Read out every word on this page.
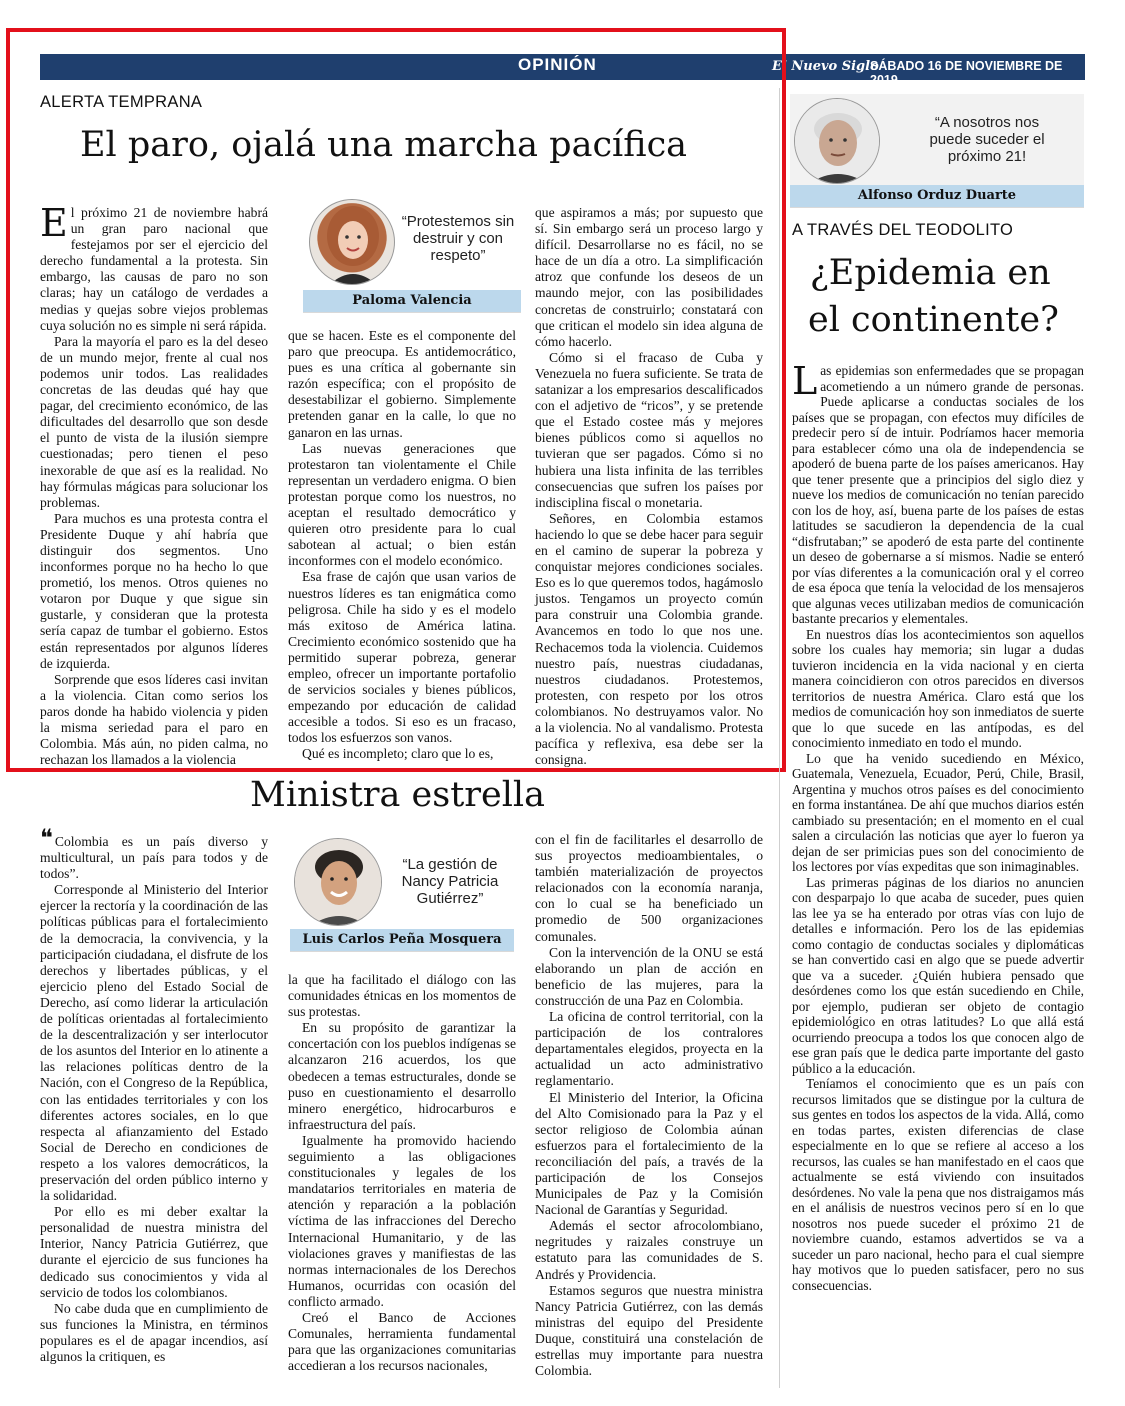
OPINIÓN	El Nuevo Siglo
SÁBADO 16 DE NOVIEMBRE DE 2019
9A
ALERTA TEMPRANA
El paro, ojalá una marcha pacífica

El próximo 21 de noviembre habrá un gran paro nacional que festejamos por ser el ejercicio del derecho fundamental a la protesta. Sin embargo, las causas de paro no son claras; hay un catálogo de verdades a medias y quejas sobre viejos problemas cuya solución no es simple ni será rápida.

Para la mayoría el paro es la del deseo de un mundo mejor, frente al cual nos podemos unir todos. Las realidades concretas de las deudas qué hay que pagar, del crecimiento económico, de las dificultades del desarrollo que son desde el punto de vista de la ilusión siempre cuestionadas; pero tienen el peso inexorable de que así es la realidad. No hay fórmulas mágicas para solucionar los problemas.

Para muchos es una protesta contra el Presidente Duque y ahí habría que distinguir dos segmentos. Uno inconformes porque no ha hecho lo que prometió, los menos. Otros quienes no votaron por Duque y que sigue sin gustarle, y consideran que la protesta sería capaz de tumbar el gobierno. Estos están representados por algunos líderes de izquierda.

Sorprende que esos líderes casi invitan a la violencia. Citan como serios los paros donde ha habido violencia y piden la misma seriedad para el paro en Colombia. Más aún, no piden calma, no rechazan los llamados a la violencia

“Protestemos sin destruir y con respeto”
Paloma Valencia

que se hacen. Este es el componente del paro que preocupa. Es antidemocrático, pues es una crítica al gobernante sin razón específica; con el propósito de desestabilizar el gobierno. Simplemente pretenden ganar en la calle, lo que no ganaron en las urnas.

Las nuevas generaciones que protestaron tan violentamente el Chile representan un verdadero enigma. O bien protestan porque como los nuestros, no aceptan el resultado democrático y quieren otro presidente para lo cual sabotean al actual; o bien están inconformes con el modelo económico.

Esa frase de cajón que usan varios de nuestros líderes es tan enigmática como peligrosa. Chile ha sido y es el modelo más exitoso de América latina. Crecimiento económico sostenido que ha permitido superar pobreza, generar empleo, ofrecer un importante portafolio de servicios sociales y bienes públicos, empezando por educación de calidad accesible a todos. Si eso es un fracaso, todos los esfuerzos son vanos.

Qué es incompleto; claro que lo es,

que aspiramos a más; por supuesto que sí. Sin embargo será un proceso largo y difícil. Desarrollarse no es fácil, no se hace de un día a otro. La simplificación atroz que confunde los deseos de un maundo mejor, con las posibilidades concretas de construirlo; constatará con que critican el modelo sin idea alguna de cómo hacerlo.

Cómo si el fracaso de Cuba y Venezuela no fuera suficiente. Se trata de satanizar a los empresarios descalificados con el adjetivo de “ricos”, y se pretende que el Estado costee más y mejores bienes públicos como si aquellos no tuvieran que ser pagados. Cómo si no hubiera una lista infinita de las terribles consecuencias que sufren los países por indisciplina fiscal o monetaria.

Señores, en Colombia estamos haciendo lo que se debe hacer para seguir en el camino de superar la pobreza y conquistar mejores condiciones sociales. Eso es lo que queremos todos, hagámoslo justos. Tengamos un proyecto común para construir una Colombia grande. Avancemos en todo lo que nos une. Rechacemos toda la violencia. Cuidemos nuestro país, nuestras ciudadanas, nuestros ciudadanos. Protestemos, protesten, con respeto por los otros colombianos. No destruyamos valor. No a la violencia. No al vandalismo. Protesta pacífica y reflexiva, esa debe ser la consigna.

Ministra estrella

❝ Colombia es un país diverso y multicultural, un país para todos y de todos”.

Corresponde al Ministerio del Interior ejercer la rectoría y la coordinación de las políticas públicas para el fortalecimiento de la democracia, la convivencia, y la participación ciudadana, el disfrute de los derechos y libertades públicas, y el ejercicio pleno del Estado Social de Derecho, así como liderar la articulación de políticas orientadas al fortalecimiento de la descentralización y ser interlocutor de los asuntos del Interior en lo atinente a las relaciones políticas dentro de la Nación, con el Congreso de la República, con las entidades territoriales y con los diferentes actores sociales, en lo que respecta al afianzamiento del Estado Social de Derecho en condiciones de respeto a los valores democráticos, la preservación del orden público interno y la solidaridad.

Por ello es mi deber exaltar la personalidad de nuestra ministra del Interior, Nancy Patricia Gutiérrez, que durante el ejercicio de sus funciones ha dedicado sus conocimientos y vida al servicio de todos los colombianos.

No cabe duda que en cumplimiento de sus funciones la Ministra, en términos populares es el de apagar incendios, así algunos la critiquen, es

“La gestión de Nancy Patricia Gutiérrez”
Luis Carlos Peña Mosquera

la que ha facilitado el diálogo con las comunidades étnicas en los momentos de sus protestas.

En su propósito de garantizar la concertación con los pueblos indígenas se alcanzaron 216 acuerdos, los que obedecen a temas estructurales, donde se puso en cuestionamiento el desarrollo minero energético, hidrocarburos e infraestructura del país.

Igualmente ha promovido haciendo seguimiento a las obligaciones constitucionales y legales de los mandatarios territoriales en materia de atención y reparación a la población víctima de las infracciones del Derecho Internacional Humanitario, y de las violaciones graves y manifiestas de las normas internacionales de los Derechos Humanos, ocurridas con ocasión del conflicto armado.

Creó el Banco de Acciones Comunales, herramienta fundamental para que las organizaciones comunitarias accedieran a los recursos nacionales,

con el fin de facilitarles el desarrollo de sus proyectos medioambientales, o también materialización de proyectos relacionados con la economía naranja, con lo cual se ha beneficiado un promedio de 500 organizaciones comunales.

Con la intervención de la ONU se está elaborando un plan de acción en beneficio de las mujeres, para la construcción de una Paz en Colombia.

La oficina de control territorial, con la participación de los contralores departamentales elegidos, proyecta en la actualidad un acto administrativo reglamentario.

El Ministerio del Interior, la Oficina del Alto Comisionado para la Paz y el sector religioso de Colombia aúnan esfuerzos para el fortalecimiento de la reconciliación del país, a través de la participación de los Consejos Municipales de Paz y la Comisión Nacional de Garantías y Seguridad.

Además el sector afrocolombiano, negritudes y raizales construye un estatuto para las comunidades de S. Andrés y Providencia.

Estamos seguros que nuestra ministra Nancy Patricia Gutiérrez, con las demás ministras del equipo del Presidente Duque, constituirá una constelación de estrellas muy importante para nuestra Colombia.

“A nosotros nos puede suceder el próximo 21!
Alfonso Orduz Duarte
A TRAVÉS DEL TEODOLITO
¿Epidemia en
el continente?

Las epidemias son enfermedades que se propagan acometiendo a un número grande de personas. Puede aplicarse a conductas sociales de los países que se propagan, con efectos muy difíciles de predecir pero sí de intuir. Podríamos hacer memoria para establecer cómo una ola de independencia se apoderó de buena parte de los países americanos. Hay que tener presente que a principios del siglo diez y nueve los medios de comunicación no tenían parecido con los de hoy, así, buena parte de los países de estas latitudes se sacudieron la dependencia de la cual “disfrutaban;” se apoderó de esta parte del continente un deseo de gobernarse a sí mismos. Nadie se enteró por vías diferentes a la comunicación oral y el correo de esa época que tenía la velocidad de los mensajeros que algunas veces utilizaban medios de comunicación bastante precarios y elementales.

En nuestros días los acontecimientos son aquellos sobre los cuales hay memoria; sin lugar a dudas tuvieron incidencia en la vida nacional y en cierta manera coincidieron con otros parecidos en diversos territorios de nuestra América. Claro está que los medios de comunicación hoy son inmediatos de suerte que lo que sucede en las antípodas, es del conocimiento inmediato en todo el mundo.

Lo que ha venido sucediendo en México, Guatemala, Venezuela, Ecuador, Perú, Chile, Brasil, Argentina y muchos otros países es del conocimiento en forma instantánea. De ahí que muchos diarios estén cambiado su presentación; en el momento en el cual salen a circulación las noticias que ayer lo fueron ya dejan de ser primicias pues son del conocimiento de los lectores por vías expeditas que son inimaginables.

Las primeras páginas de los diarios no anuncien con desparpajo lo que acaba de suceder, pues quien las lee ya se ha enterado por otras vías con lujo de detalles e información. Pero los de las epidemias como contagio de conductas sociales y diplomáticas se han convertido casi en algo que se puede advertir que va a suceder. ¿Quién hubiera pensado que desórdenes como los que están sucediendo en Chile, por ejemplo, pudieran ser objeto de contagio epidemiológico en otras latitudes? Lo que allá está ocurriendo preocupa a todos los que conocen algo de ese gran país que le dedica parte importante del gasto público a la educación.

Teníamos el conocimiento que es un país con recursos limitados que se distingue por la cultura de sus gentes en todos los aspectos de la vida. Allá, como en todas partes, existen diferencias de clase especialmente en lo que se refiere al acceso a los recursos, las cuales se han manifestado en el caos que actualmente se está viviendo con insuitados desórdenes. No vale la pena que nos distraigamos más en el análisis de nuestros vecinos pero sí en lo que nosotros nos puede suceder el próximo 21 de noviembre cuando, estamos advertidos se va a suceder un paro nacional, hecho para el cual siempre hay motivos que lo pueden satisfacer, pero no sus consecuencias.
